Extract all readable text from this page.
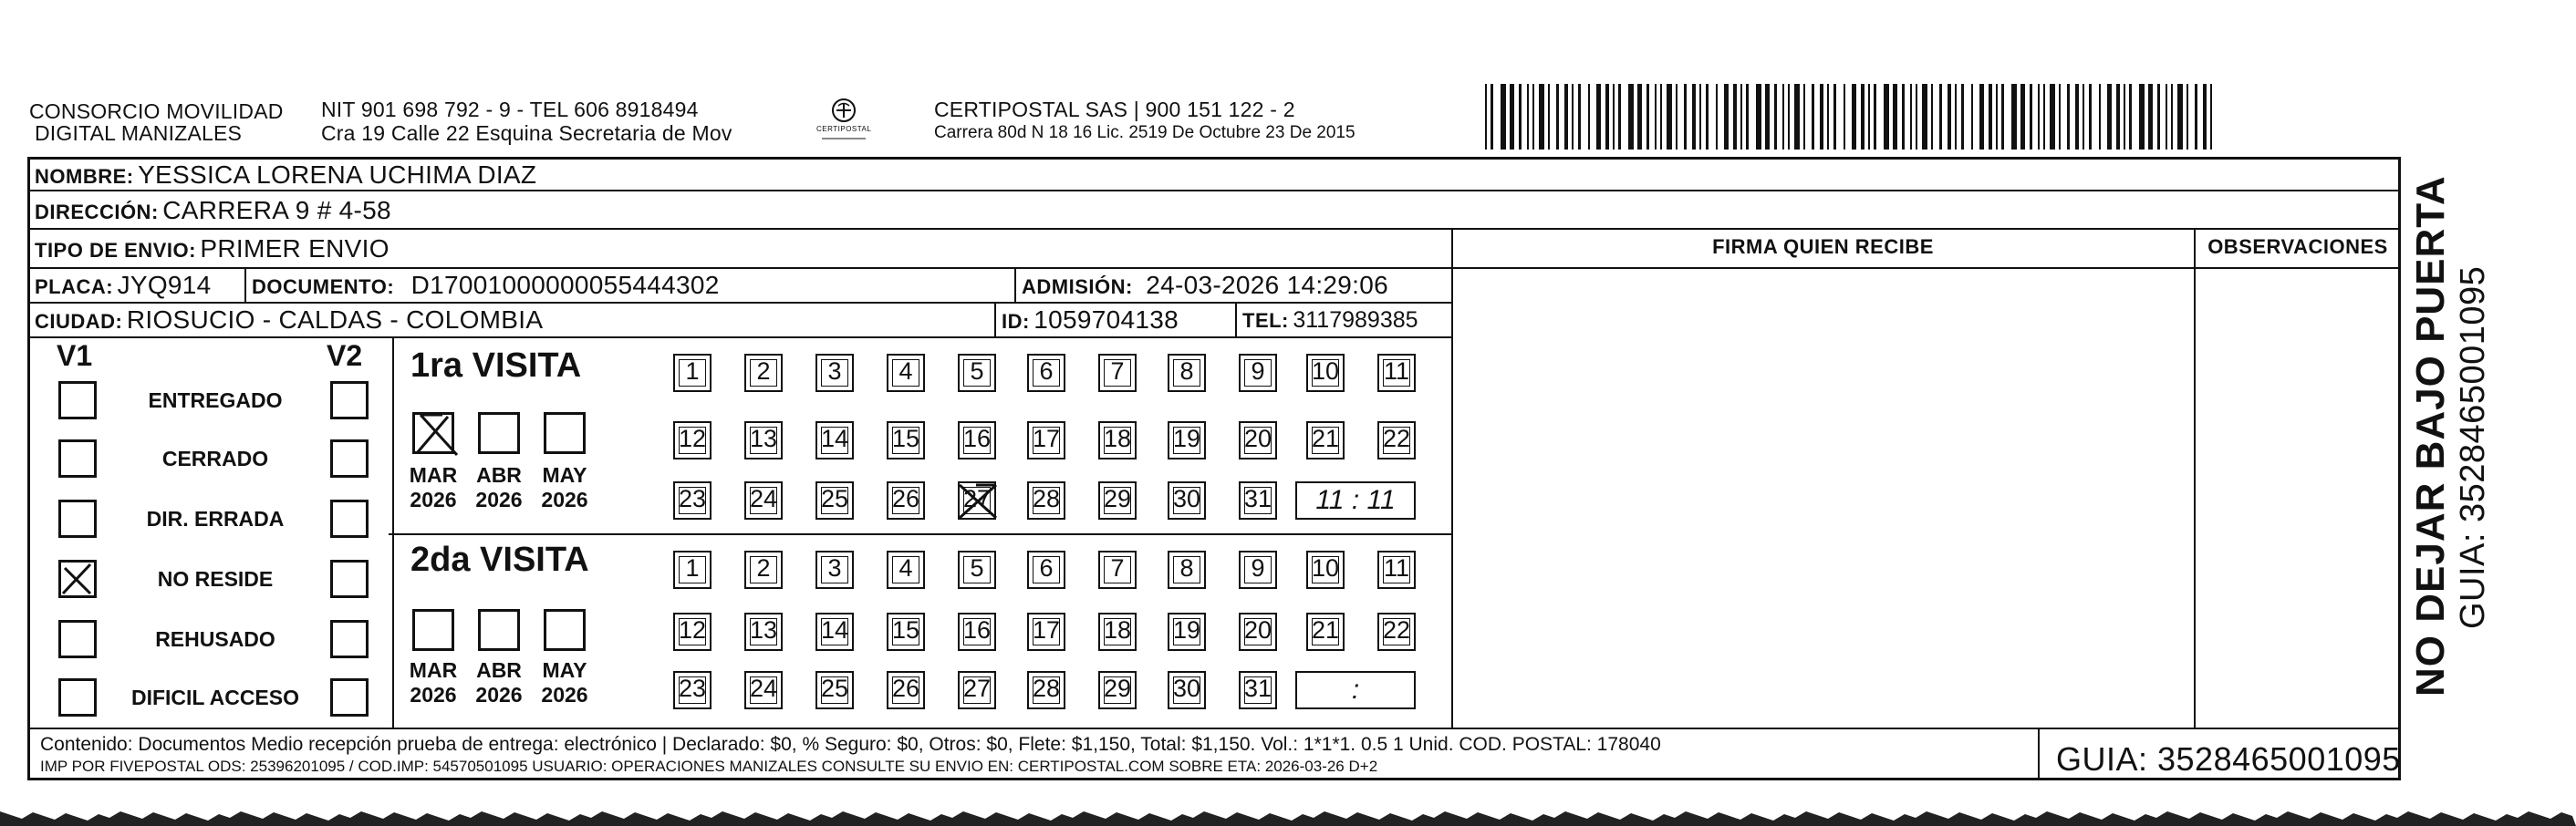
CONSORCIO MOVILIDAD
DIGITAL MANIZALES
NIT 901 698 792 - 9 - TEL 606 8918494
Cra 19 Calle 22 Esquina Secretaria de Mov	CERTIPOSTAL
CERTIPOSTAL SAS | 900 151 122 - 2
Carrera 80d N 18 16 Lic. 2519 De Octubre 23 De 2015
NOMBRE: YESSICA LORENA UCHIMA DIAZ
DIRECCIÓN: CARRERA 9 # 4-58
TIPO DE ENVIO: PRIMER ENVIO
PLACA: JYQ914 DOCUMENTO: D17001000000055444302	ADMISIÓN: 24-03-2026 14:29:06
CIUDAD: RIOSUCIO - CALDAS - COLOMBIA	ID: 1059704138	TEL: 3117989385
FIRMA QUIEN RECIBE	OBSERVACIONES
V1	V2
ENTREGADO
CERRADO
DIR. ERRADA
NO RESIDE
REHUSADO
DIFICIL ACCESO
1ra VISITA
2da VISITA
MAR
2026
ABR
2026
MAY
2026
1	2	3	4	5	6	7	8	9	10 11
12 13 14 15 16 17 18 19 20 21 22
23 24 25 26 27 28 29 30 31	11 : 11
MAR
2026
ABR
2026
MAY
2026
1	2	3	4	5	6	7	8	9	10 11
12 13 14 15 16 17 18 19 20 21 22
23 24 25 26 27 28 29 30 31	:
Contenido: Documentos Medio recepción prueba de entrega: electrónico | Declarado: $0, % Seguro: $0, Otros: $0, Flete: $1,150, Total: $1,150. Vol.: 1*1*1. 0.5 1 Unid. COD. POSTAL: 178040
IMP POR FIVEPOSTAL ODS: 25396201095 / COD.IMP: 54570501095 USUARIO: OPERACIONES MANIZALES CONSULTE SU ENVIO EN: CERTIPOSTAL.COM SOBRE ETA: 2026-03-26 D+2	GUIA: 3528465001095
NO DEJAR BAJO PUERTA GUIA: 3528465001095
